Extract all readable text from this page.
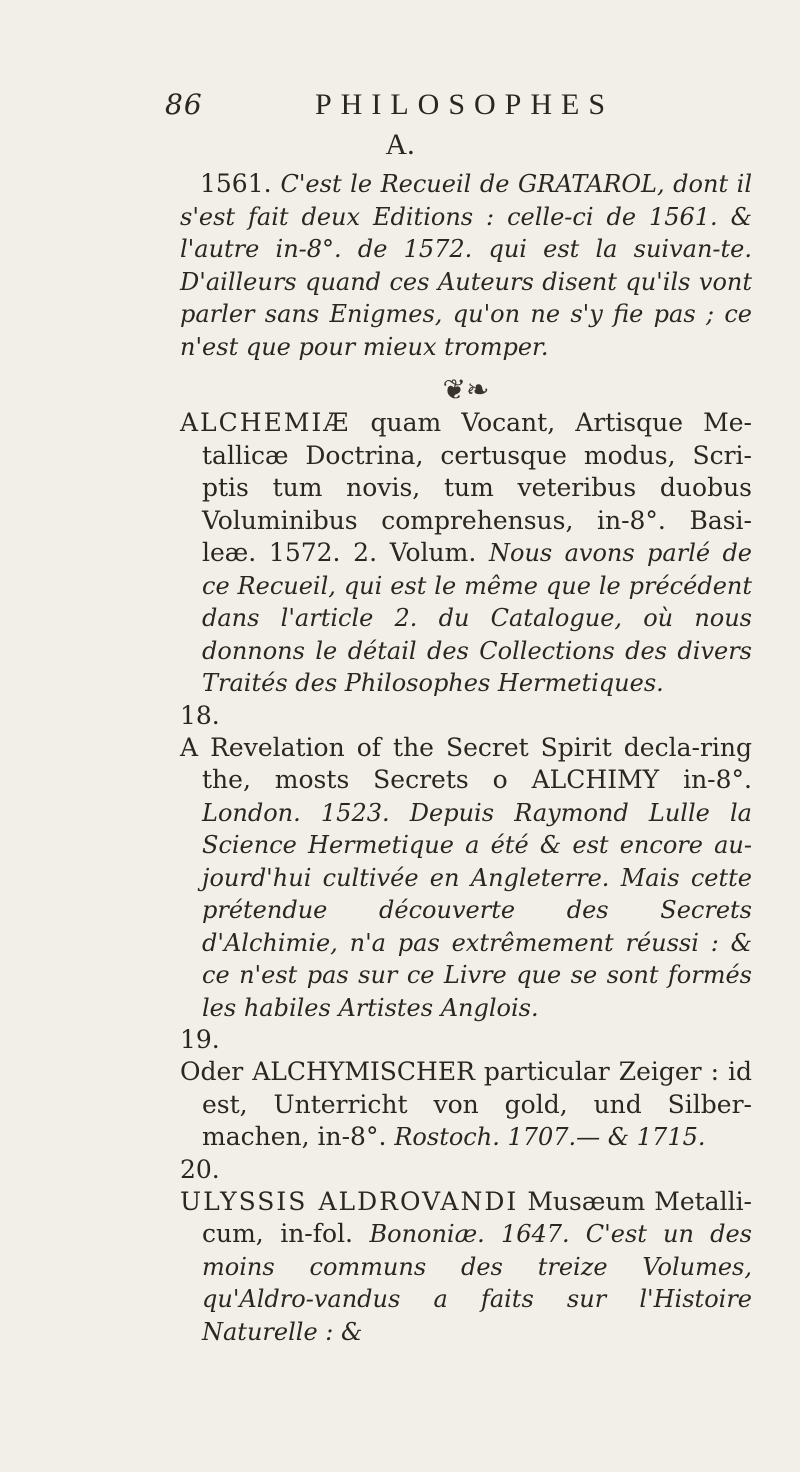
86	PHILOSOPHES
A.

1561. C'est le Recueil de GRATAROL, dont il s'est fait deux Editions : celle-ci de 1561. & l'autre in-8°. de 1572. qui est la suivan-te. D'ailleurs quand ces Auteurs disent qu'ils vont parler sans Enigmes, qu'on ne s'y fie pas ; ce n'est que pour mieux tromper.

❦❧

ALCHEMIÆ quam Vocant, Artisque Me-tallicæ Doctrina, certusque modus, Scri-ptis tum novis, tum veteribus duobus Voluminibus comprehensus, in-8°. Basi-leæ. 1572. 2. Volum. Nous avons parlé de ce Recueil, qui est le même que le précédent dans l'article 2. du Catalogue, où nous donnons le détail des Collections des divers Traités des Philosophes Hermetiques.

18.

A Revelation of the Secret Spirit decla-ring the, mosts Secrets o ALCHIMY in-8°. London. 1523. Depuis Raymond Lulle la Science Hermetique a été & est encore au-jourd'hui cultivée en Angleterre. Mais cette prétendue découverte des Secrets d'Alchimie, n'a pas extrêmement réussi : & ce n'est pas sur ce Livre que se sont formés les habiles Artistes Anglois.

19.

Oder ALCHYMISCHER particular Zeiger : id est, Unterricht von gold, und Silber-machen, in-8°. Rostoch. 1707.— & 1715.

20.

ULYSSIS ALDROVANDI Musæum Metalli-cum, in-fol. Bononiæ. 1647. C'est un des moins communs des treize Volumes, qu'Aldro-vandus a faits sur l'Histoire Naturelle : &
